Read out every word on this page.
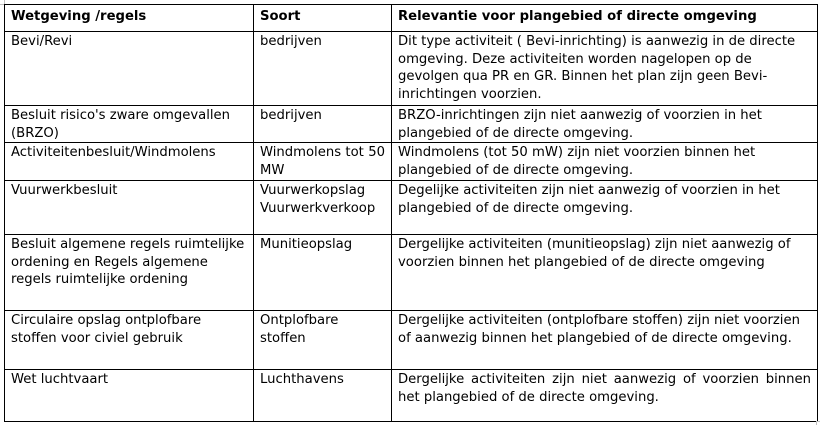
Wetgeving /regels	Soort	Relevantie voor plangebied of directe omgeving
Bevi/Revi	bedrijven	Dit type activiteit ( Bevi-inrichting) is aanwezig in de directe omgeving. Deze activiteiten worden nagelopen op de gevolgen qua PR en GR. Binnen het plan zijn geen Bevi-inrichtingen voorzien.
Besluit risico's zware omgevallen (BRZO)	bedrijven	BRZO-inrichtingen zijn niet aanwezig of voorzien in het plangebied of de directe omgeving.
Activiteitenbesluit/Windmolens	Windmolens tot 50 MW	Windmolens (tot 50 mW) zijn niet voorzien binnen het plangebied of de directe omgeving.
Vuurwerkbesluit	Vuurwerkopslag Vuurwerkverkoop	Degelijke activiteiten zijn niet aanwezig of voorzien in het plangebied of de directe omgeving.
Besluit algemene regels ruimtelijke ordening en Regels algemene regels ruimtelijke ordening	Munitieopslag	Dergelijke activiteiten (munitieopslag) zijn niet aanwezig of voorzien binnen het plangebied of de directe omgeving
Circulaire opslag ontplofbare stoffen voor civiel gebruik	Ontplofbare stoffen	Dergelijke activiteiten (ontplofbare stoffen) zijn niet voorzien of aanwezig binnen het plangebied of de directe omgeving.
Wet luchtvaart	Luchthavens	Dergelijke activiteiten zijn niet aanwezig of voorzien binnen het plangebied of de directe omgeving.
